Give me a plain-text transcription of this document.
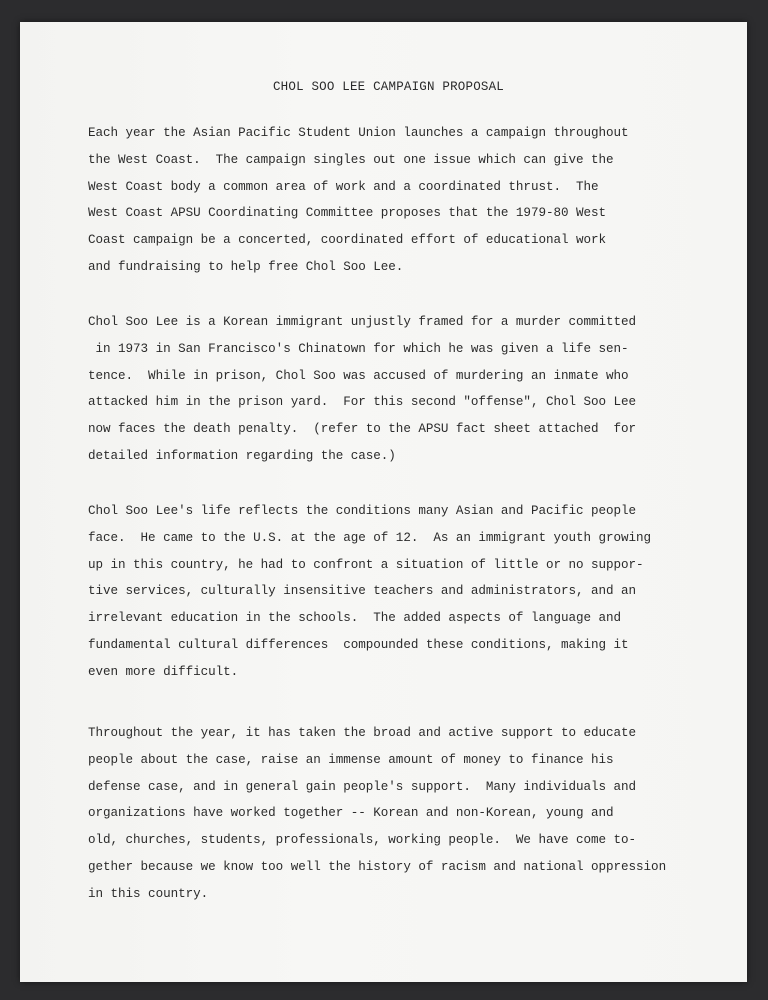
CHOL SOO LEE CAMPAIGN PROPOSAL
Each year the Asian Pacific Student Union launches a campaign throughout
the West Coast.  The campaign singles out one issue which can give the
West Coast body a common area of work and a coordinated thrust.  The
West Coast APSU Coordinating Committee proposes that the 1979-80 West
Coast campaign be a concerted, coordinated effort of educational work
and fundraising to help free Chol Soo Lee.
Chol Soo Lee is a Korean immigrant unjustly framed for a murder committed
in 1973 in San Francisco's Chinatown for which he was given a life sen-
tence.  While in prison, Chol Soo was accused of murdering an inmate who
attacked him in the prison yard.  For this second "offense", Chol Soo Lee
now faces the death penalty.  (refer to the APSU fact sheet attached  for
detailed information regarding the case.)
Chol Soo Lee's life reflects the conditions many Asian and Pacific people
face.  He came to the U.S. at the age of 12.  As an immigrant youth growing
up in this country, he had to confront a situation of little or no suppor-
tive services, culturally insensitive teachers and administrators, and an
irrelevant education in the schools.  The added aspects of language and
fundamental cultural differences  compounded these conditions, making it
even more difficult.
Throughout the year, it has taken the broad and active support to educate
people about the case, raise an immense amount of money to finance his
defense case, and in general gain people's support.  Many individuals and
organizations have worked together -- Korean and non-Korean, young and
old, churches, students, professionals, working people.  We have come to-
gether because we know too well the history of racism and national oppression
in this country.
